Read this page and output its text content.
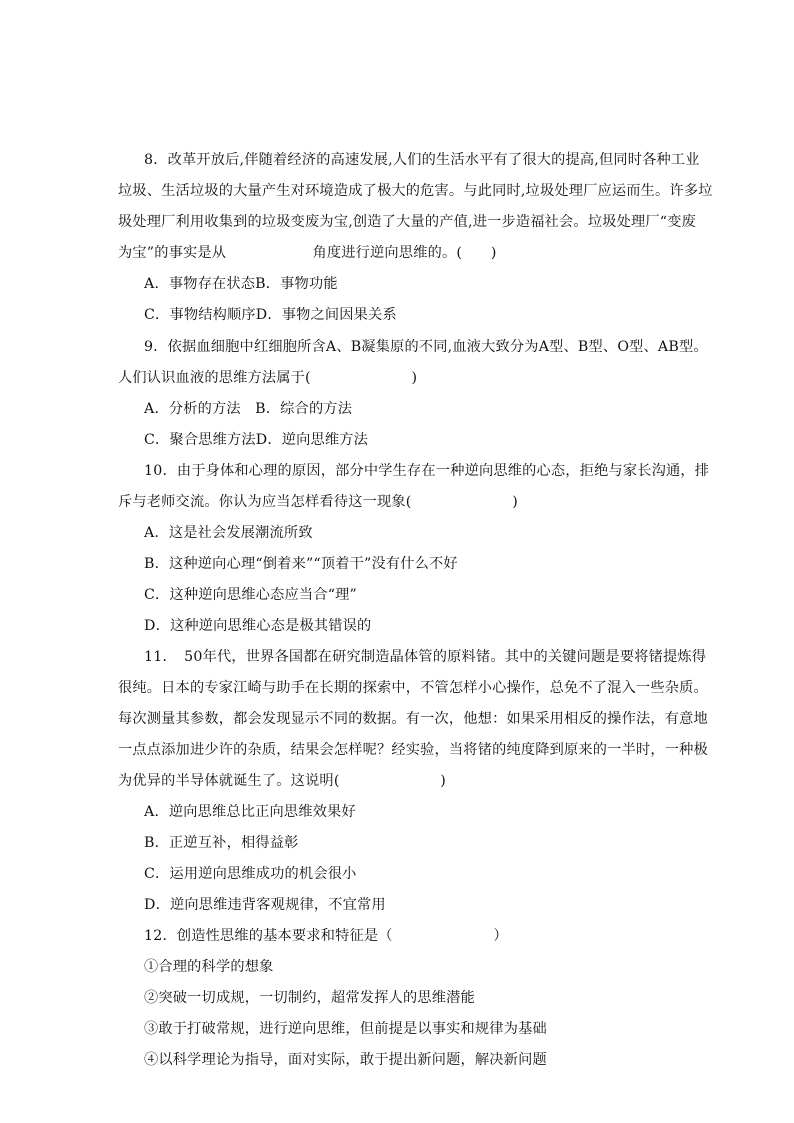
8．改革开放后,伴随着经济的高速发展,人们的生活水平有了很大的提高,但同时各种工业
垃圾、生活垃圾的大量产生对环境造成了极大的危害。与此同时,垃圾处理厂应运而生。许多垃
圾处理厂利用收集到的垃圾变废为宝,创造了大量的产值,进一步造福社会。垃圾处理厂“变废
为宝”的事实是从　　　　　　角度进行逆向思维的。(　　)
A．事物存在状态B．事物功能
C．事物结构顺序D．事物之间因果关系
9．依据血细胞中红细胞所含A、B凝集原的不同,血液大致分为A型、B型、O型、AB型。
人们认识血液的思维方法属于(　　　　　　　)
A．分析的方法　B．综合的方法
C．聚合思维方法D．逆向思维方法
10．由于身体和心理的原因，部分中学生存在一种逆向思维的心态，拒绝与家长沟通，排
斥与老师交流。你认为应当怎样看待这一现象(　　　　　　　)
A．这是社会发展潮流所致
B．这种逆向心理“倒着来”“顶着干”没有什么不好
C．这种逆向思维心态应当合“理”
D．这种逆向思维心态是极其错误的
11．　50年代，世界各国都在研究制造晶体管的原料锗。其中的关键问题是要将锗提炼得
很纯。日本的专家江崎与助手在长期的探索中，不管怎样小心操作，总免不了混入一些杂质。
每次测量其参数，都会发现显示不同的数据。有一次，他想：如果采用相反的操作法，有意地
一点点添加进少许的杂质，结果会怎样呢？经实验，当将锗的纯度降到原来的一半时，一种极
为优异的半导体就诞生了。这说明(　　　　　　　)
A．逆向思维总比正向思维效果好
B．正逆互补，相得益彰
C．运用逆向思维成功的机会很小
D．逆向思维违背客观规律，不宜常用
12．创造性思维的基本要求和特征是（　　　　　　　）
①合理的科学的想象
②突破一切成规，一切制约，超常发挥人的思维潜能
③敢于打破常规，进行逆向思维，但前提是以事实和规律为基础
④以科学理论为指导，面对实际，敢于提出新问题，解决新问题
